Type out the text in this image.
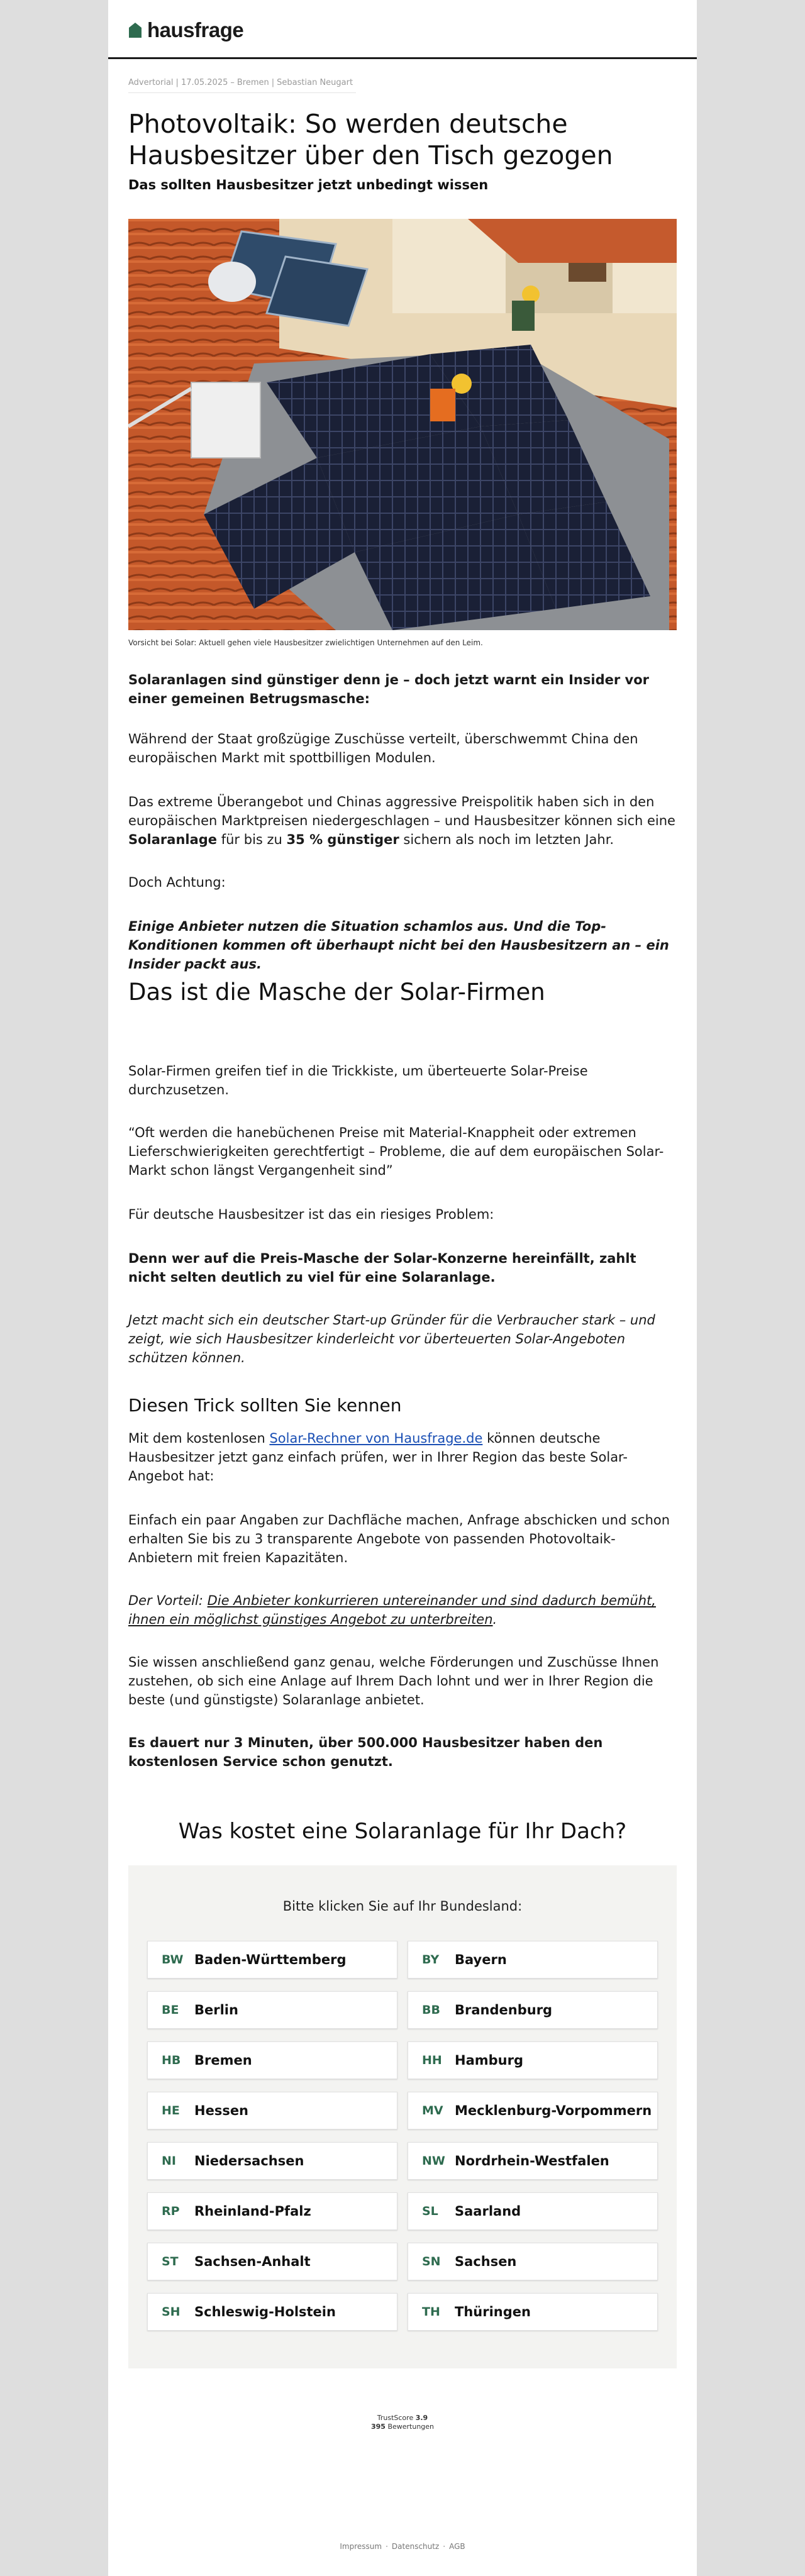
hausfrage
Advertorial | 17.05.2025 – Bremen | Sebastian Neugart
Photovoltaik: So werden deutsche Hausbesitzer über den Tisch gezogen
Das sollten Hausbesitzer jetzt unbedingt wissen
Vorsicht bei Solar: Aktuell gehen viele Hausbesitzer zwielichtigen Unternehmen auf den Leim.

Solaranlagen sind günstiger denn je – doch jetzt warnt ein Insider vor einer gemeinen Betrugsmasche:

Während der Staat großzügige Zuschüsse verteilt, überschwemmt China den europäischen Markt mit spottbilligen Modulen.

Das extreme Überangebot und Chinas aggressive Preispolitik haben sich in den europäischen Marktpreisen niedergeschlagen – und Hausbesitzer können sich eine Solaranlage für bis zu 35 % günstiger sichern als noch im letzten Jahr.

Doch Achtung:

Einige Anbieter nutzen die Situation schamlos aus. Und die Top-Konditionen kommen oft überhaupt nicht bei den Hausbesitzern an – ein Insider packt aus.

Das ist die Masche der Solar-Firmen

Solar-Firmen greifen tief in die Trickkiste, um überteuerte Solar-Preise durchzusetzen.

“Oft werden die hanebüchenen Preise mit Material-Knappheit oder extremen Lieferschwierigkeiten gerechtfertigt – Probleme, die auf dem europäischen Solar-Markt schon längst Vergangenheit sind”

Für deutsche Hausbesitzer ist das ein riesiges Problem:

Denn wer auf die Preis-Masche der Solar-Konzerne hereinfällt, zahlt nicht selten deutlich zu viel für eine Solaranlage.

Jetzt macht sich ein deutscher Start-up Gründer für die Verbraucher stark – und zeigt, wie sich Hausbesitzer kinderleicht vor überteuerten Solar-Angeboten schützen können.

Diesen Trick sollten Sie kennen

Mit dem kostenlosen Solar-Rechner von Hausfrage.de können deutsche Hausbesitzer jetzt ganz einfach prüfen, wer in Ihrer Region das beste Solar-Angebot hat:

Einfach ein paar Angaben zur Dachfläche machen, Anfrage abschicken und schon erhalten Sie bis zu 3 transparente Angebote von passenden Photovoltaik-Anbietern mit freien Kapazitäten.

Der Vorteil: Die Anbieter konkurrieren untereinander und sind dadurch bemüht, ihnen ein möglichst günstiges Angebot zu unterbreiten.

Sie wissen anschließend ganz genau, welche Förderungen und Zuschüsse Ihnen zustehen, ob sich eine Anlage auf Ihrem Dach lohnt und wer in Ihrer Region die beste (und günstigste) Solaranlage anbietet.

Es dauert nur 3 Minuten, über 500.000 Hausbesitzer haben den kostenlosen Service schon genutzt.

Was kostet eine Solaranlage für Ihr Dach?
Bitte klicken Sie auf Ihr Bundesland:
BW Baden-Württemberg	BY	Bayern
BE	Berlin	BB	Brandenburg
HB	Bremen	HH Hamburg
HE	Hessen	MV Mecklenburg-Vorpommern
NI	Niedersachsen	NW Nordrhein-Westfalen
RP	Rheinland-Pfalz	SL	Saarland
ST	Sachsen-Anhalt	SN	Sachsen
SH	Schleswig-Holstein	TH	Thüringen
TrustScore 3.9
395 Bewertungen
Impressum · Datenschutz · AGB
